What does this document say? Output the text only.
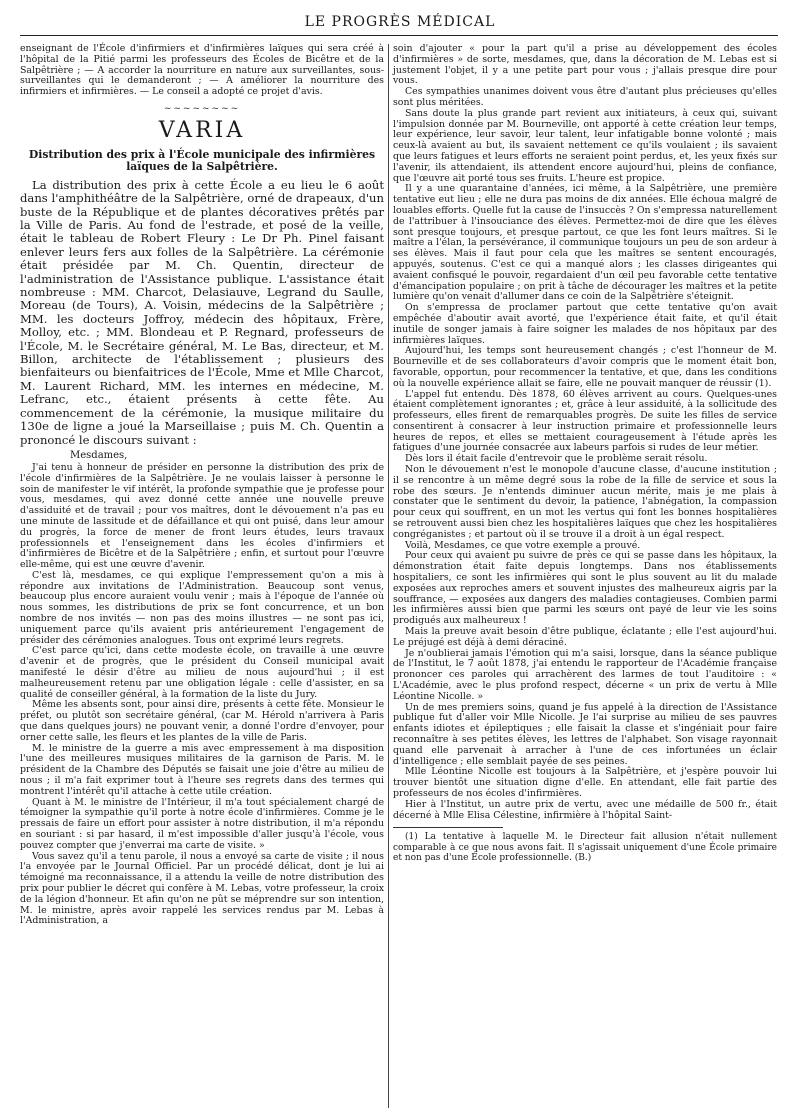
LE PROGRÈS MÉDICAL

enseignant de l'École d'infirmiers et d'infirmières laïques qui sera créé à l'hôpital de la Pitié parmi les professeurs des Écoles de Bicêtre et de la Salpêtrière ; — A accorder la nourriture en nature aux surveillantes, sous-surveillantes qui le demanderont ; — A améliorer la nourriture des infirmiers et infirmières. — Le conseil a adopté ce projet d'avis.

~~~~~~~~
VARIA
Distribution des prix à l'École municipale des infirmières laïques de la Salpêtrière.

La distribution des prix à cette École a eu lieu le 6 août dans l'amphithéâtre de la Salpêtrière, orné de drapeaux, d'un buste de la République et de plantes décoratives prêtés par la Ville de Paris. Au fond de l'estrade, et posé de la veille, était le tableau de Robert Fleury : Le Dr Ph. Pinel faisant enlever leurs fers aux folles de la Salpêtrière. La cérémonie était présidée par M. Ch. Quentin, directeur de l'administration de l'Assistance publique. L'assistance était nombreuse : MM. Charcot, Delasiauve, Legrand du Saulle, Moreau (de Tours), A. Voisin, médecins de la Salpêtrière ; MM. les docteurs Joffroy, médecin des hôpitaux, Frère, Molloy, etc. ; MM. Blondeau et P. Regnard, professeurs de l'École, M. le Secrétaire général, M. Le Bas, directeur, et M. Billon, architecte de l'établissement ; plusieurs des bienfaiteurs ou bienfaitrices de l'École, Mme et Mlle Charcot, M. Laurent Richard, MM. les internes en médecine, M. Lefranc, etc., étaient présents à cette fête. Au commencement de la cérémonie, la musique militaire du 130e de ligne a joué la Marseillaise ; puis M. Ch. Quentin a prononcé le discours suivant :

Mesdames,

J'ai tenu à honneur de présider en personne la distribution des prix de l'école d'infirmières de la Salpêtrière. Je ne voulais laisser à personne le soin de manifester le vif intérêt, la profonde sympathie que je professe pour vous, mesdames, qui avez donné cette année une nouvelle preuve d'assiduité et de travail ; pour vos maîtres, dont le dévouement n'a pas eu une minute de lassitude et de défaillance et qui ont puisé, dans leur amour du progrès, la force de mener de front leurs études, leurs travaux professionnels et l'enseignement dans les écoles d'infirmiers et d'infirmières de Bicêtre et de la Salpêtrière ; enfin, et surtout pour l'œuvre elle-même, qui est une œuvre d'avenir.

C'est là, mesdames, ce qui explique l'empressement qu'on a mis à répondre aux invitations de l'Administration. Beaucoup sont venus, beaucoup plus encore auraient voulu venir ; mais à l'époque de l'année où nous sommes, les distributions de prix se font concurrence, et un bon nombre de nos invités — non pas des moins illustres — ne sont pas ici, uniquement parce qu'ils avaient pris antérieurement l'engagement de présider des cérémonies analogues. Tous ont exprimé leurs regrets.

C'est parce qu'ici, dans cette modeste école, on travaille à une œuvre d'avenir et de progrès, que le président du Conseil municipal avait manifesté le désir d'être au milieu de nous aujourd'hui ; il est malheureusement retenu par une obligation légale : celle d'assister, en sa qualité de conseiller général, à la formation de la liste du Jury.

Même les absents sont, pour ainsi dire, présents à cette fête. Monsieur le préfet, ou plutôt son secrétaire général, (car M. Hérold n'arrivera à Paris que dans quelques jours) ne pouvant venir, a donné l'ordre d'envoyer, pour orner cette salle, les fleurs et les plantes de la ville de Paris.

M. le ministre de la guerre a mis avec empressement à ma disposition l'une des meilleures musiques militaires de la garnison de Paris. M. le président de la Chambre des Députés se faisait une joie d'être au milieu de nous ; il m'a fait exprimer tout à l'heure ses regrets dans des termes qui montrent l'intérêt qu'il attache à cette utile création.

Quant à M. le ministre de l'Intérieur, il m'a tout spécialement chargé de témoigner la sympathie qu'il porte à notre école d'infirmières. Comme je le pressais de faire un effort pour assister à notre distribution, il m'a répondu en souriant : si par hasard, il m'est impossible d'aller jusqu'à l'école, vous pouvez compter que j'enverrai ma carte de visite. »

Vous savez qu'il a tenu parole, il nous a envoyé sa carte de visite ; il nous l'a envoyée par le Journal Officiel. Par un procédé délicat, dont je lui ai témoigné ma reconnaissance, il a attendu la veille de notre distribution des prix pour publier le décret qui confère à M. Lebas, votre professeur, la croix de la légion d'honneur. Et afin qu'on ne pût se méprendre sur son intention, M. le ministre, après avoir rappelé les services rendus par M. Lebas à l'Administration, a

soin d'ajouter « pour la part qu'il a prise au développement des écoles d'infirmières » de sorte, mesdames, que, dans la décoration de M. Lebas est si justement l'objet, il y a une petite part pour vous ; j'allais presque dire pour vous.

Ces sympathies unanimes doivent vous être d'autant plus précieuses qu'elles sont plus méritées.

Sans doute la plus grande part revient aux initiateurs, à ceux qui, suivant l'impulsion donnée par M. Bourneville, ont apporté à cette création leur temps, leur expérience, leur savoir, leur talent, leur infatigable bonne volonté ; mais ceux-là avaient au but, ils savaient nettement ce qu'ils voulaient ; ils savaient que leurs fatigues et leurs efforts ne seraient point perdus, et, les yeux fixés sur l'avenir, ils attendaient, ils attendent encore aujourd'hui, pleins de confiance, que l'œuvre ait porté tous ses fruits. L'heure est propice.

Il y a une quarantaine d'années, ici même, à la Salpêtrière, une première tentative eut lieu ; elle ne dura pas moins de dix années. Elle échoua malgré de louables efforts. Quelle fut la cause de l'insuccès ? On s'empressa naturellement de l'attribuer à l'insouciance des élèves. Permettez-moi de dire que les élèves sont presque toujours, et presque partout, ce que les font leurs maîtres. Si le maître a l'élan, la persévérance, il communique toujours un peu de son ardeur à ses élèves. Mais il faut pour cela que les maîtres se sentent encouragés, appuyés, soutenus. C'est ce qui a manqué alors ; les classes dirigeantes qui avaient confisqué le pouvoir, regardaient d'un œil peu favorable cette tentative d'émancipation populaire ; on prit à tâche de décourager les maîtres et la petite lumière qu'on venait d'allumer dans ce coin de la Salpêtrière s'éteignit.

On s'empressa de proclamer partout que cette tentative qu'on avait empêchée d'aboutir avait avorté, que l'expérience était faite, et qu'il était inutile de songer jamais à faire soigner les malades de nos hôpitaux par des infirmières laïques.

Aujourd'hui, les temps sont heureusement changés ; c'est l'honneur de M. Bourneville et de ses collaborateurs d'avoir compris que le moment était bon, favorable, opportun, pour recommencer la tentative, et que, dans les conditions où la nouvelle expérience allait se faire, elle ne pouvait manquer de réussir (1).

L'appel fut entendu. Dès 1878, 60 élèves arrivent au cours. Quelques-unes étaient complètement ignorantes ; et, grâce à leur assiduité, à la sollicitude des professeurs, elles firent de remarquables progrès. De suite les filles de service consentirent à consacrer à leur instruction primaire et professionnelle leurs heures de repos, et elles se mettaient courageusement à l'étude après les fatigues d'une journée consacrée aux labeurs parfois si rudes de leur métier.

Dès lors il était facile d'entrevoir que le problème serait résolu.

Non le dévouement n'est le monopole d'aucune classe, d'aucune institution ; il se rencontre à un même degré sous la robe de la fille de service et sous la robe des sœurs. Je n'entends diminuer aucun mérite, mais je me plais à constater que le sentiment du devoir, la patience, l'abnégation, la compassion pour ceux qui souffrent, en un mot les vertus qui font les bonnes hospitalières se retrouvent aussi bien chez les hospitalières laïques que chez les hospitalières congréganistes ; et partout où il se trouve il a droit à un égal respect.

Voilà, Mesdames, ce que votre exemple a prouvé.

Pour ceux qui avaient pu suivre de près ce qui se passe dans les hôpitaux, la démonstration était faite depuis longtemps. Dans nos établissements hospitaliers, ce sont les infirmières qui sont le plus souvent au lit du malade exposées aux reproches amers et souvent injustes des malheureux aigris par la souffrance, — exposées aux dangers des maladies contagieuses. Combien parmi les infirmières aussi bien que parmi les sœurs ont payé de leur vie les soins prodigués aux malheureux !

Mais la preuve avait besoin d'être publique, éclatante ; elle l'est aujourd'hui. Le préjugé est déjà à demi déraciné.

Je n'oublierai jamais l'émotion qui m'a saisi, lorsque, dans la séance publique de l'Institut, le 7 août 1878, j'ai entendu le rapporteur de l'Académie française prononcer ces paroles qui arrachèrent des larmes de tout l'auditoire : « L'Académie, avec le plus profond respect, décerne « un prix de vertu à Mlle Léontine Nicolle. »

Un de mes premiers soins, quand je fus appelé à la direction de l'Assistance publique fut d'aller voir Mlle Nicolle. Je l'ai surprise au milieu de ses pauvres enfants idiotes et épileptiques ; elle faisait la classe et s'ingéniait pour faire reconnaître à ses petites élèves, les lettres de l'alphabet. Son visage rayonnait quand elle parvenait à arracher à l'une de ces infortunées un éclair d'intelligence ; elle semblait payée de ses peines.

Mlle Léontine Nicolle est toujours à la Salpêtrière, et j'espère pouvoir lui trouver bientôt une situation digne d'elle. En attendant, elle fait partie des professeurs de nos écoles d'infirmières.

Hier à l'Institut, un autre prix de vertu, avec une médaille de 500 fr., était décerné à Mlle Elisa Célestine, infirmière à l'hôpital Saint-

(1) La tentative à laquelle M. le Directeur fait allusion n'était nullement comparable à ce que nous avons fait. Il s'agissait uniquement d'une École primaire et non pas d'une École professionnelle. (B.)
